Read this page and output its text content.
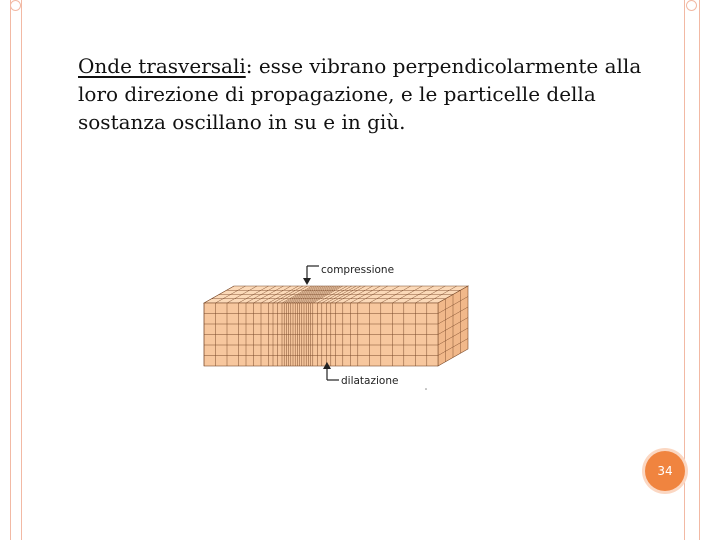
Onde trasversali: esse vibrano perpendicolarmente alla loro direzione di propagazione, e le particelle della sostanza oscillano in su e in giù.

compressione
dilatazione
34
